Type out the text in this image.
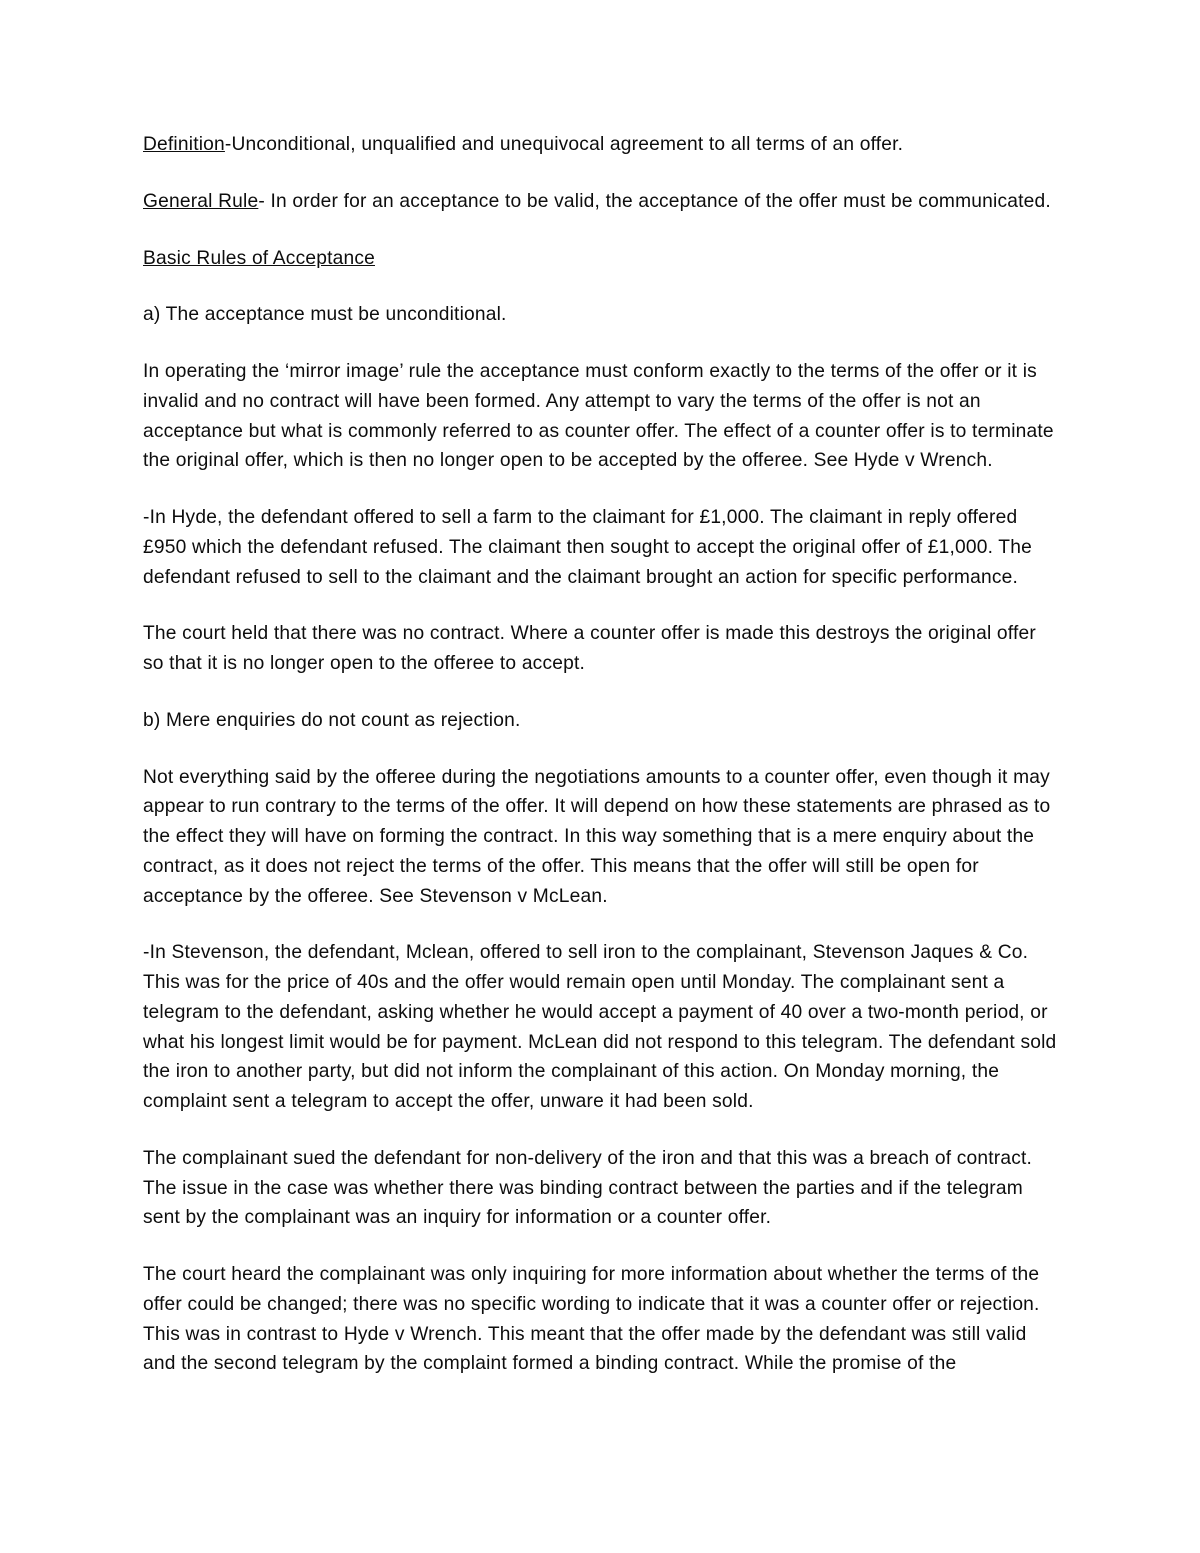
Definition-Unconditional, unqualified and unequivocal agreement to all terms of an offer.

General Rule- In order for an acceptance to be valid, the acceptance of the offer must be communicated.

Basic Rules of Acceptance

a) The acceptance must be unconditional.

In operating the ‘mirror image’ rule the acceptance must conform exactly to the terms of the offer or it is invalid and no contract will have been formed. Any attempt to vary the terms of the offer is not an acceptance but what is commonly referred to as counter offer. The effect of a counter offer is to terminate the original offer, which is then no longer open to be accepted by the offeree. See Hyde v Wrench.

-In Hyde, the defendant offered to sell a farm to the claimant for £1,000. The claimant in reply offered £950 which the defendant refused. The claimant then sought to accept the original offer of £1,000. The defendant refused to sell to the claimant and the claimant brought an action for specific performance.

The court held that there was no contract. Where a counter offer is made this destroys the original offer so that it is no longer open to the offeree to accept.

b) Mere enquiries do not count as rejection.

Not everything said by the offeree during the negotiations amounts to a counter offer, even though it may appear to run contrary to the terms of the offer. It will depend on how these statements are phrased as to the effect they will have on forming the contract. In this way something that is a mere enquiry about the contract, as it does not reject the terms of the offer. This means that the offer will still be open for acceptance by the offeree. See Stevenson v McLean.

-In Stevenson, the defendant, Mclean, offered to sell iron to the complainant, Stevenson Jaques & Co. This was for the price of 40s and the offer would remain open until Monday. The complainant sent a telegram to the defendant, asking whether he would accept a payment of 40 over a two-month period, or what his longest limit would be for payment. McLean did not respond to this telegram. The defendant sold the iron to another party, but did not inform the complainant of this action. On Monday morning, the complaint sent a telegram to accept the offer, unware it had been sold.

The complainant sued the defendant for non-delivery of the iron and that this was a breach of contract. The issue in the case was whether there was binding contract between the parties and if the telegram sent by the complainant was an inquiry for information or a counter offer.

The court heard the complainant was only inquiring for more information about whether the terms of the offer could be changed; there was no specific wording to indicate that it was a counter offer or rejection. This was in contrast to Hyde v Wrench. This meant that the offer made by the defendant was still valid and the second telegram by the complaint formed a binding contract. While the promise of the
